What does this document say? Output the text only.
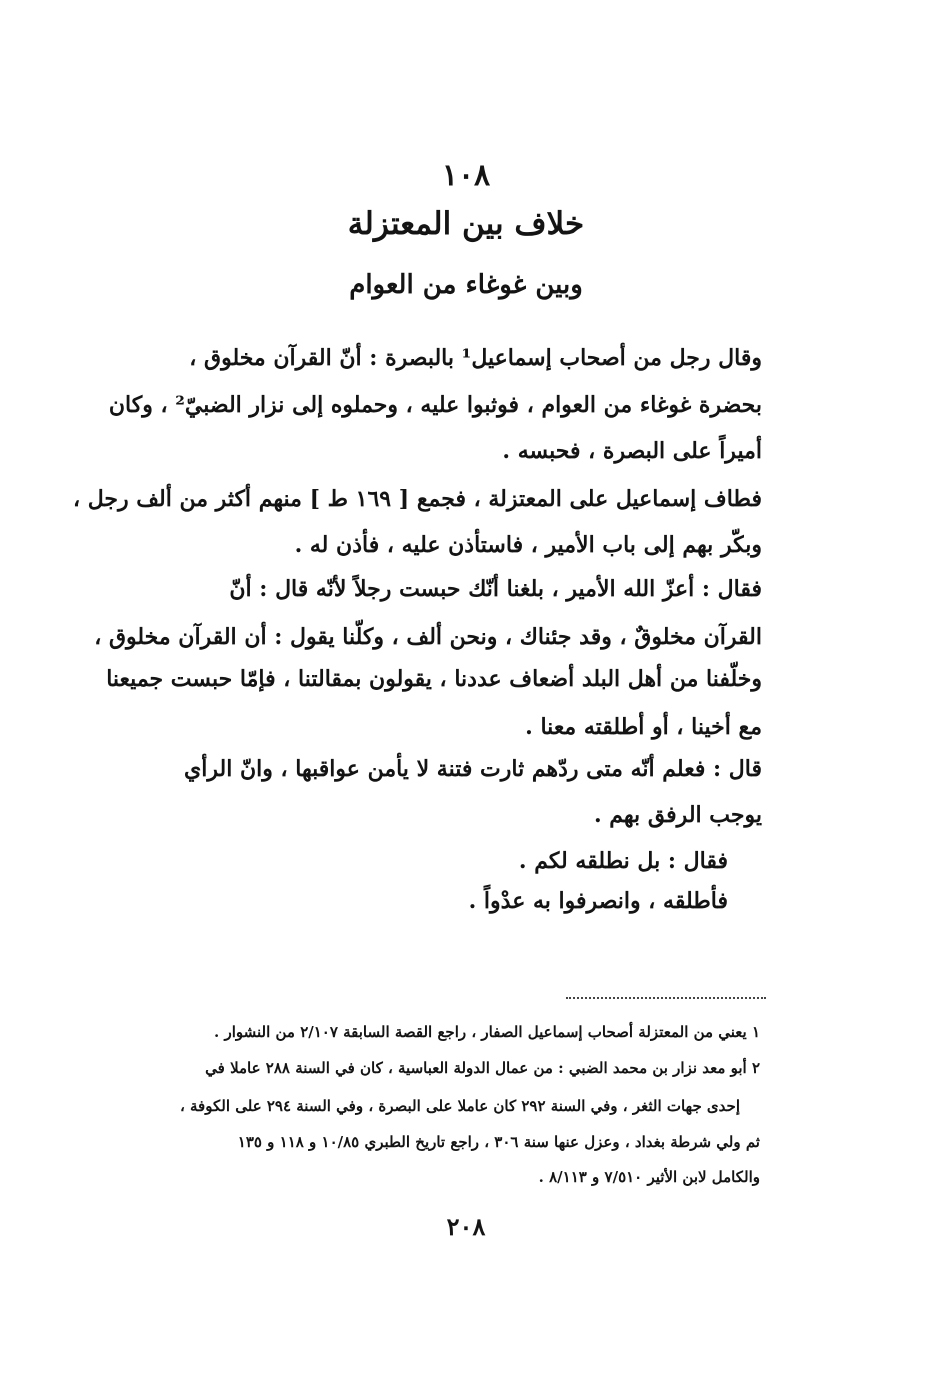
١٠٨
خلاف بين المعتزلة
وبين غوغاء من العوام
وقال رجل من أصحاب إسماعيل¹ بالبصرة : أنّ القرآن مخلوق ،
بحضرة غوغاء من العوام ، فوثبوا عليه ، وحملوه إلى نزار الضبيّ² ، وكان
أميراً على البصرة ، فحبسه .
فطاف إسماعيل على المعتزلة ، فجمع [ ١٦٩ ط ] منهم أكثر من ألف رجل ،
وبكّر بهم إلى باب الأمير ، فاستأذن عليه ، فأذن له .
فقال : أعزّ الله الأمير ، بلغنا أنّك حبست رجلاً لأنّه قال : أنّ
القرآن مخلوقٌ ، وقد جئناك ، ونحن ألف ، وكلّنا يقول : أن القرآن مخلوق ،
وخلّفنا من أهل البلد أضعاف عددنا ، يقولون بمقالتنا ، فإمّا حبست جميعنا
مع أخينا ، أو أطلقته معنا .
قال : فعلم أنّه متى ردّهم ثارت فتنة لا يأمن عواقبها ، وانّ الرأي
يوجب الرفق بهم .
فقال : بل نطلقه لكم .
فأطلقه ، وانصرفوا به عدْواً .
١ يعني من المعتزلة أصحاب إسماعيل الصفار ، راجع القصة السابقة ٢/١٠٧ من النشوار .
٢ أبو معد نزار بن محمد الضبي : من عمال الدولة العباسية ، كان في السنة ٢٨٨ عاملا في
إحدى جهات الثغر ، وفي السنة ٢٩٢ كان عاملا على البصرة ، وفي السنة ٢٩٤ على الكوفة ،
ثم ولي شرطة بغداد ، وعزل عنها سنة ٣٠٦ ، راجع تاريخ الطبري ١٠/٨٥ و ١١٨ و ١٣٥
والكامل لابن الأثير ٧/٥١٠ و ٨/١١٣ .
٢٠٨
